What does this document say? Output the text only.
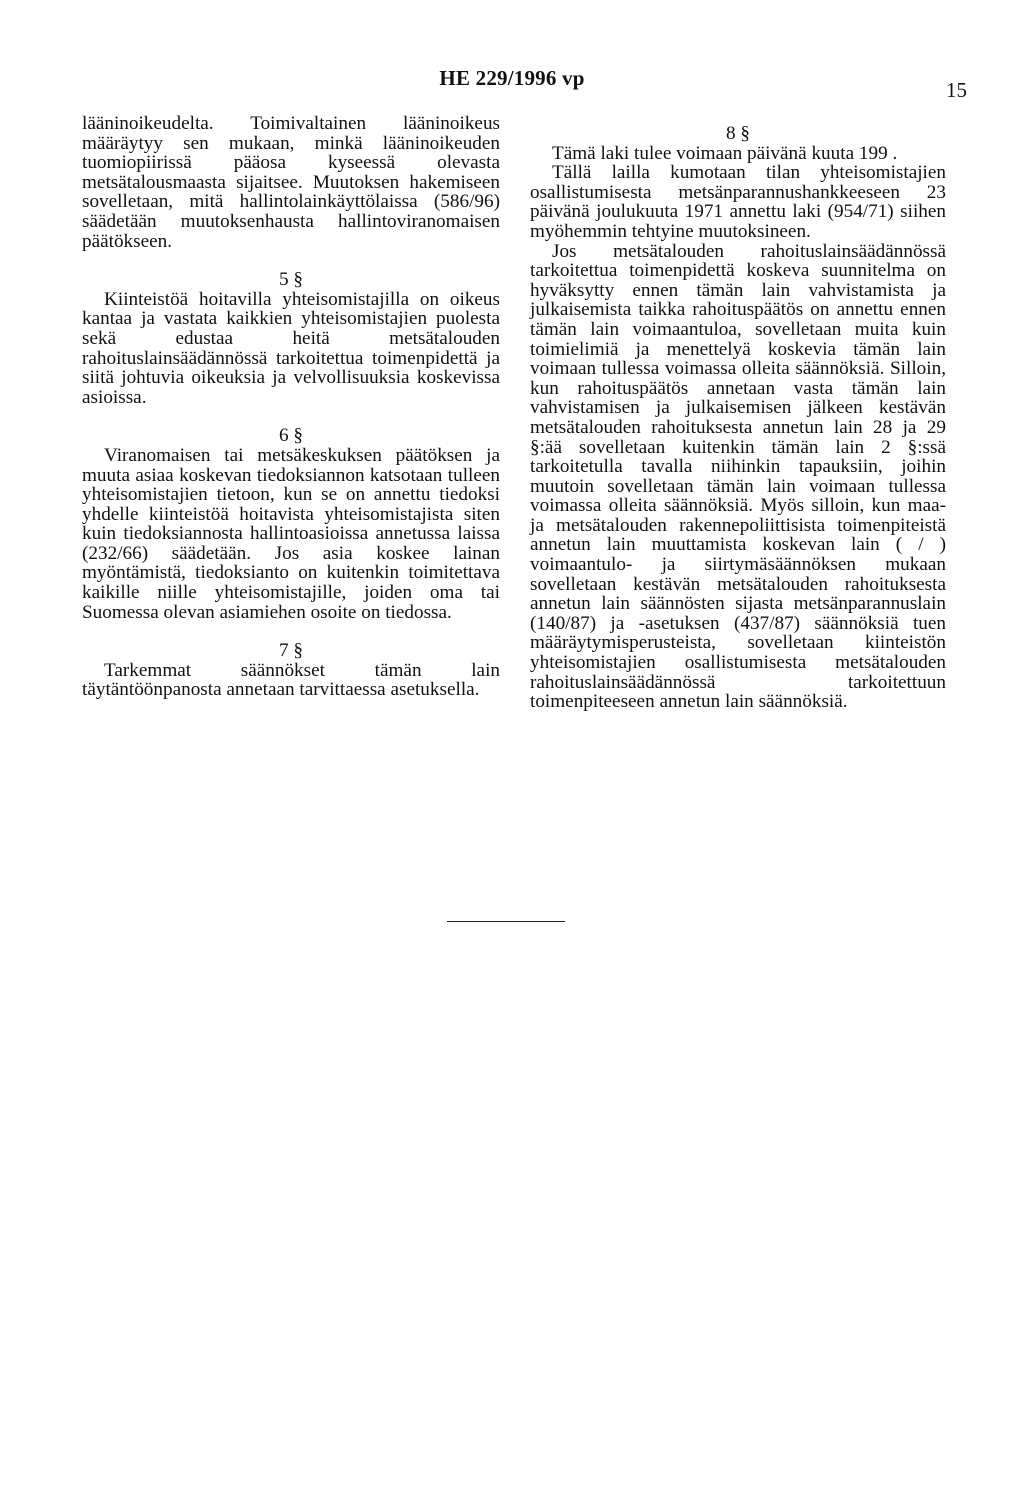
HE 229/1996 vp	15

lääninoikeudelta. Toimivaltainen lääninoikeus määräytyy sen mukaan, minkä lääninoikeuden tuomiopiirissä pääosa kyseessä olevasta metsätalousmaasta sijaitsee. Muutoksen hakemiseen sovelletaan, mitä hallintolainkäyttölaissa (586/96) säädetään muutoksenhausta hallintoviranomaisen päätökseen.

5 §

Kiinteistöä hoitavilla yhteisomistajilla on oikeus kantaa ja vastata kaikkien yhteisomistajien puolesta sekä edustaa heitä metsätalouden rahoituslainsäädännössä tarkoitettua toimenpidettä ja siitä johtuvia oikeuksia ja velvollisuuksia koskevissa asioissa.

6 §

Viranomaisen tai metsäkeskuksen päätöksen ja muuta asiaa koskevan tiedoksiannon katsotaan tulleen yhteisomistajien tietoon, kun se on annettu tiedoksi yhdelle kiinteistöä hoitavista yhteisomistajista siten kuin tiedoksiannosta hallintoasioissa annetussa laissa (232/66) säädetään. Jos asia koskee lainan myöntämistä, tiedoksianto on kuitenkin toimitettava kaikille niille yhteisomistajille, joiden oma tai Suomessa olevan asiamiehen osoite on tiedossa.

7 §

Tarkemmat säännökset tämän lain täytäntöönpanosta annetaan tarvittaessa asetuksella.

8 §

Tämä laki tulee voimaan päivänä kuuta 199 .

Tällä lailla kumotaan tilan yhteisomistajien osallistumisesta metsänparannushankkeeseen 23 päivänä joulukuuta 1971 annettu laki (954/71) siihen myöhemmin tehtyine muutoksineen.

Jos metsätalouden rahoituslainsäädännössä tarkoitettua toimenpidettä koskeva suunnitelma on hyväksytty ennen tämän lain vahvistamista ja julkaisemista taikka rahoituspäätös on annettu ennen tämän lain voimaantuloa, sovelletaan muita kuin toimielimiä ja menettelyä koskevia tämän lain voimaan tullessa voimassa olleita säännöksiä. Silloin, kun rahoituspäätös annetaan vasta tämän lain vahvistamisen ja julkaisemisen jälkeen kestävän metsätalouden rahoituksesta annetun lain 28 ja 29 §:ää sovelletaan kuitenkin tämän lain 2 §:ssä tarkoitetulla tavalla niihinkin tapauksiin, joihin muutoin sovelletaan tämän lain voimaan tullessa voimassa olleita säännöksiä. Myös silloin, kun maa- ja metsätalouden rakennepoliittisista toimenpiteistä annetun lain muuttamista koskevan lain ( / ) voimaantulo- ja siirtymäsäännöksen mukaan sovelletaan kestävän metsätalouden rahoituksesta annetun lain säännösten sijasta metsänparannuslain (140/87) ja -asetuksen (437/87) säännöksiä tuen määräytymisperusteista, sovelletaan kiinteistön yhteisomistajien osallistumisesta metsätalouden rahoituslainsäädännössä tarkoitettuun toimenpiteeseen annetun lain säännöksiä.
